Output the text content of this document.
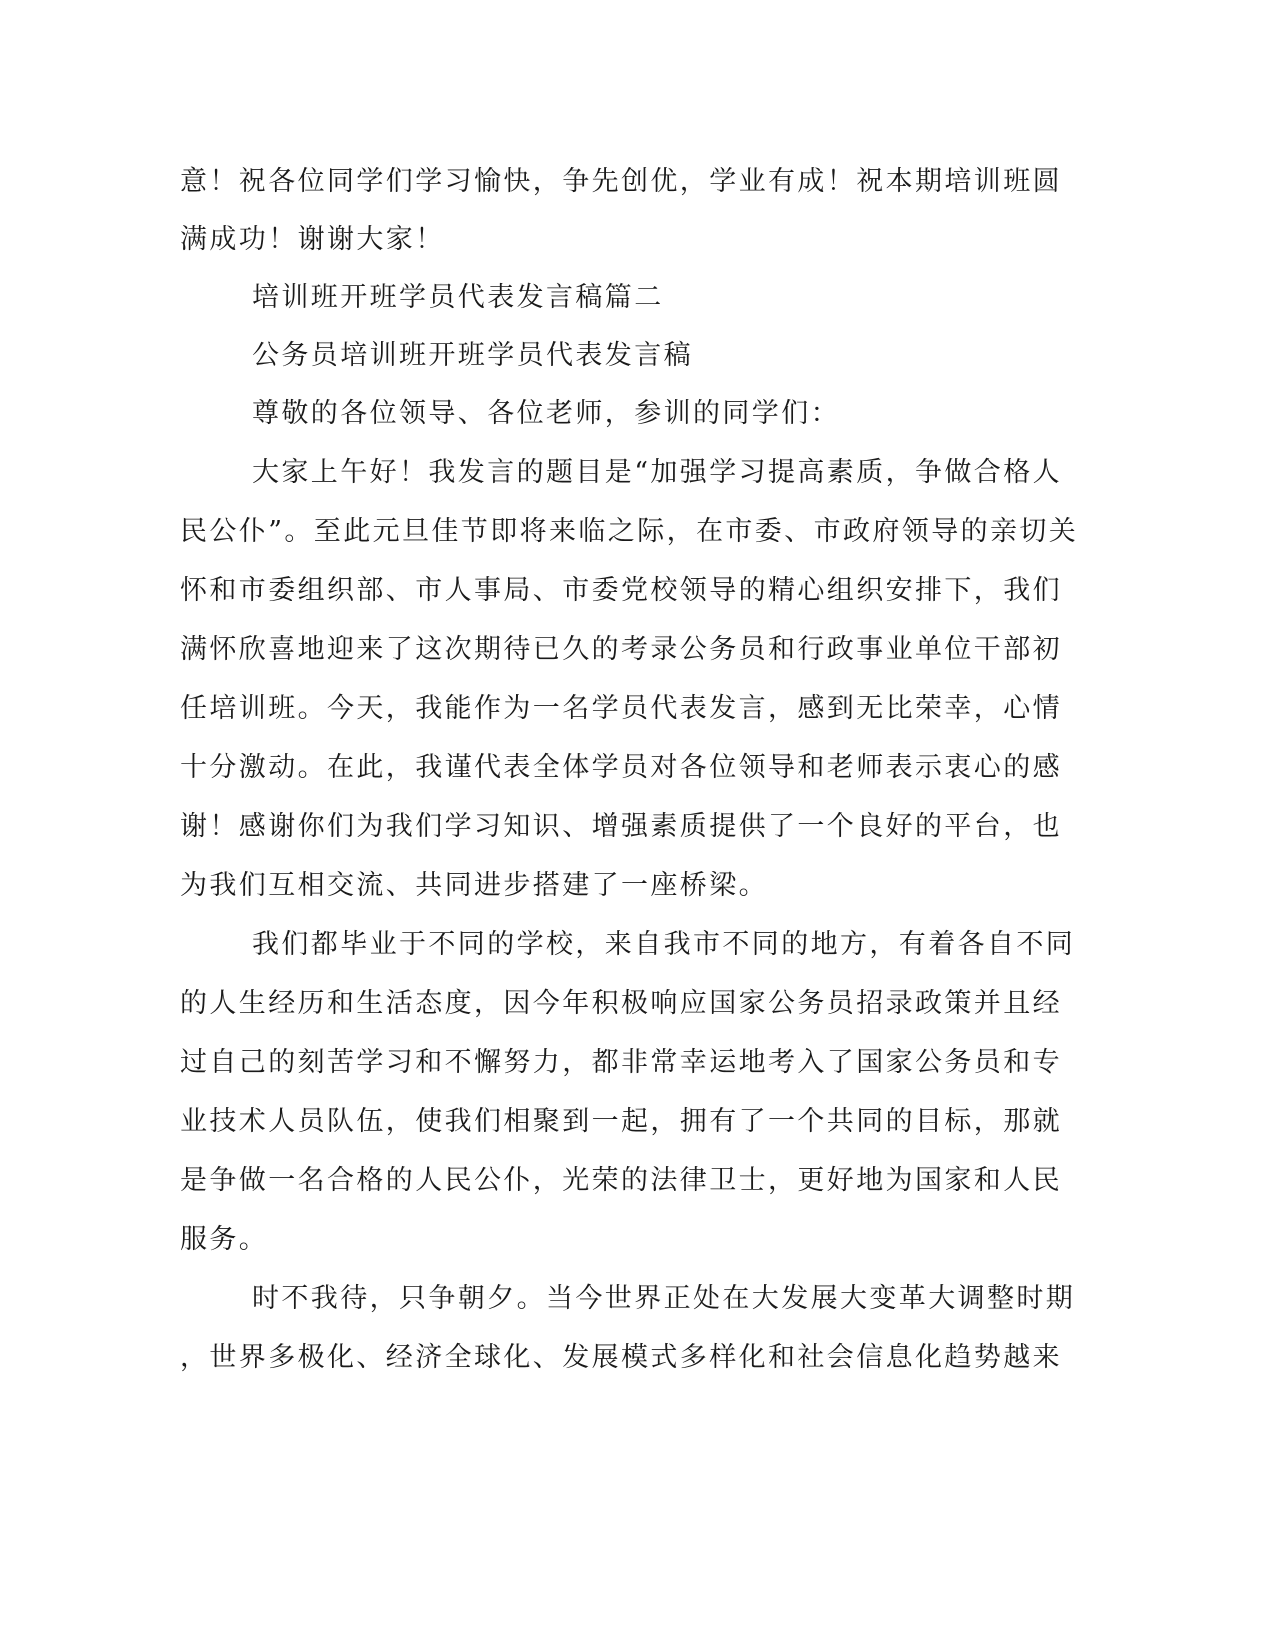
意！祝各位同学们学习愉快，争先创优，学业有成！祝本期培训班圆
满成功！谢谢大家！
培训班开班学员代表发言稿篇二
公务员培训班开班学员代表发言稿
尊敬的各位领导、各位老师，参训的同学们：
大家上午好！我发言的题目是“加强学习提高素质，争做合格人
民公仆”。至此元旦佳节即将来临之际，在市委、市政府领导的亲切关
怀和市委组织部、市人事局、市委党校领导的精心组织安排下，我们
满怀欣喜地迎来了这次期待已久的考录公务员和行政事业单位干部初
任培训班。今天，我能作为一名学员代表发言，感到无比荣幸，心情
十分激动。在此，我谨代表全体学员对各位领导和老师表示衷心的感
谢！感谢你们为我们学习知识、增强素质提供了一个良好的平台，也
为我们互相交流、共同进步搭建了一座桥梁。
我们都毕业于不同的学校，来自我市不同的地方，有着各自不同
的人生经历和生活态度，因今年积极响应国家公务员招录政策并且经
过自己的刻苦学习和不懈努力，都非常幸运地考入了国家公务员和专
业技术人员队伍，使我们相聚到一起，拥有了一个共同的目标，那就
是争做一名合格的人民公仆，光荣的法律卫士，更好地为国家和人民
服务。
时不我待，只争朝夕。当今世界正处在大发展大变革大调整时期
，世界多极化、经济全球化、发展模式多样化和社会信息化趋势越来
